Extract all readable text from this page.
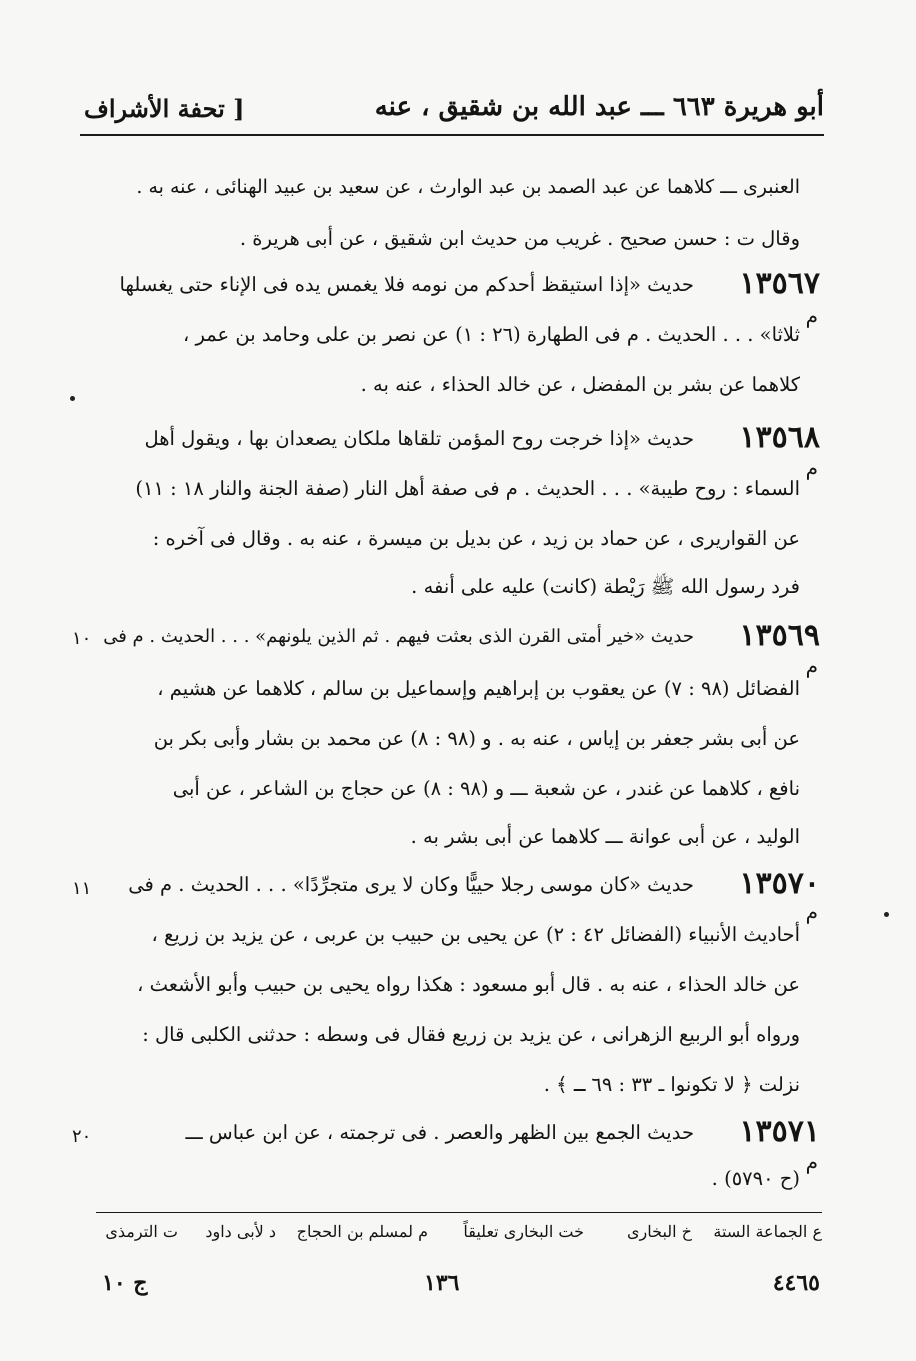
أبو هريرة ٦٦٣ ـــ عبد الله بن شقيق ، عنه
[ تحفة الأشراف
العنبرى ـــ كلاهما عن عبد الصمد بن عبد الوارث ، عن سعيد بن عبيد الهنائى ، عنه به .
وقال ت : حسن صحيح . غريب من حديث ابن شقيق ، عن أبى هريرة .
١٣٥٦٧
حديث «إذا استيقظ أحدكم من نومه فلا يغمس يده فى الإناء حتى يغسلها
م
ثلاثا» . . . الحديث . م فى الطهارة (٢٦ : ١) عن نصر بن على وحامد بن عمر ،
كلاهما عن بشر بن المفضل ، عن خالد الحذاء ، عنه به .
١٣٥٦٨
حديث «إذا خرجت روح المؤمن تلقاها ملكان يصعدان بها ، ويقول أهل
م
السماء : روح طيبة» . . . الحديث . م فى صفة أهل النار (صفة الجنة والنار ١٨ : ١١)
عن القواريرى ، عن حماد بن زيد ، عن بديل بن ميسرة ، عنه به . وقال فى آخره :
فرد رسول الله ﷺ رَيْطة (كانت) عليه على أنفه .
١٣٥٦٩
حديث «خير أمتى القرن الذى بعثت فيهم . ثم الذين يلونهم» . . . الحديث . م فى
١٠
م
الفضائل (٩٨ : ٧) عن يعقوب بن إبراهيم وإسماعيل بن سالم ، كلاهما عن هشيم ،
عن أبى بشر جعفر بن إياس ، عنه به . و (٩٨ : ٨) عن محمد بن بشار وأبى بكر بن
نافع ، كلاهما عن غندر ، عن شعبة ـــ و (٩٨ : ٨) عن حجاج بن الشاعر ، عن أبى
الوليد ، عن أبى عوانة ـــ كلاهما عن أبى بشر به .
١٣٥٧٠
حديث «كان موسى رجلا حييًّا وكان لا يرى متجرِّدًا» . . . الحديث . م فى
١١
م
أحاديث الأنبياء (الفضائل ٤٢ : ٢) عن يحيى بن حبيب بن عربى ، عن يزيد بن زريع ،
عن خالد الحذاء ، عنه به . قال أبو مسعود : هكذا رواه يحيى بن حبيب وأبو الأشعث ،
ورواه أبو الربيع الزهرانى ، عن يزيد بن زريع فقال فى وسطه : حدثنى الكلبى قال :
نزلت ﴿ لا تكونوا ـ ٣٣ : ٦٩ ـ ﴾ .
١٣٥٧١
حديث الجمع بين الظهر والعصر . فى ترجمته ، عن ابن عباس ـــ
٢٠
م
(ح ٥٧٩٠) .
ع الجماعة الستة
خ البخارى
خت البخارى تعليقاً
م لمسلم بن الحجاج
د لأبى داود
ت الترمذى
٤٤٦٥
١٣٦
ج ١٠
